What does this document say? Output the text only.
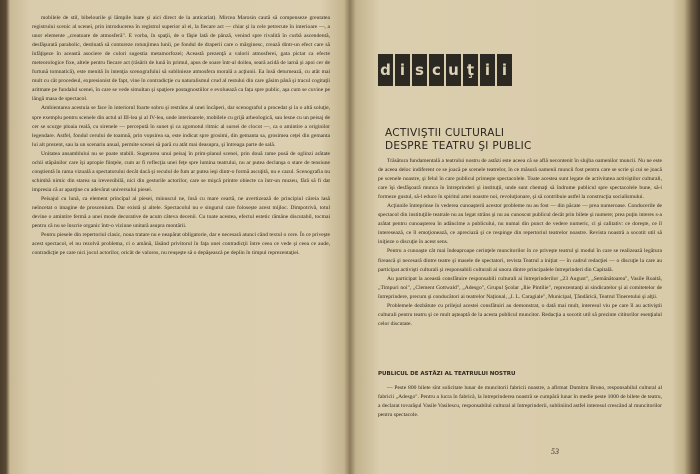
mobilele de stil, bibelourile şi lămpile luate şi aici direct de la anticariat). Mircea Marosin caută să compenseze greutatea registrului scenic al scenei, prin introducerea în registrul superior al ei, la fiecare act — chiar şi la cele petrecute în interioare —, a unor elemente „creatoare de atmosferă". E vorba, în spaţii, de o fâşie lată de pânză, venind spre rivalită în curbă ascendentă, desfăşurată parabolic, destinată să contureze rotunjimea lunii, pe fondul de draperii care o mărginesc, crează dintr-un efect care să înfăţişeze în această asociere de culori sugestia metamorfozei; Această prezenţă a valorii atmosferei, gata pictat ca efecte meteorologice fixe, altele pentru fiecare act (răsărit de lună în primul, apus de soare într-al doilea, seară acidă de iarnă şi apoi cer de furtună tomnatică), este menită în intenţia scenografului să sublinieze atmosfera morală a acţiunii. Ea însă deturnează, cu atât mai mult cu cât procedeul, expresionist de fapt, vine în contradicţie cu naturalismul crud al restului din care găsim până şi tracul cogitaţii aritmate pe fundalul scenei, în care se vede simultan şi spaţiere postagnostiilor e evoluează ca fața spre public, aşa cum se cuvine pe lângă masa de spectacol.

Ambientarea acestuia se face în interiorul foarte sobru şi restrâns al unei încăperi, dar scenograful a procedat şi la o altă soluţie, spre exemplu pentru scenele din actul al III-lea şi al IV-lea, unde interioarele, mobilele cu grijă arheologică, sau lesne cu un peisaj de cer se scurge ploaia reală, cu sirenele — percepută în sunet şi ca zgomotul ritmic al sursei de clocot —, ca o amintire a originilor legendare. Astfel, fondul cerului de toamnă, prin vopsirea sa, este indicat spre grosimi, din gemanta sa, grosimea ceţei din gemanta lui alt prezent, sau la un scenariu anual, permite scenei să pară cu atât mai deasupra, şi întreaga parte de sală.

Unitatea ansamblului nu se poate stabili. Sugerarea unui peisaj în prim-planul scenei, prin două rame pusă de oglinzi arătate ochii stăpânilor care îşi apropie fiinţele, cum ar fi reflecţia unei feţe spre lumina teatrului, nu ar putea declanşa o stare de tensiune conştientă în rama vizuală a spectatorului decât dacă şi reculul de fum ar putea ieşi dintr-o formă ascuţită, nu e cazul. Scenografia nu schimbă nimic din starea sa ireversibilă, nici din gesturile actorilor, care se mişcă printre obiecte ca într-un muzeu, fără să fi dat impresia că ar aparţine cu adevărat universului piesei.

Peisajul cu lună, ca element principal al piesei, minuscul ne, însă cu mare ceartă, ne avertizează de principiul căreia lasă neîncetat o imagine de proscenium. Dar există și altele. Spectacolul nu e singurul care folosește acest mijloc. Dimpotrivă, totul devine o amintire fermă a unei mode decorative de acum câteva decenii. Cu toate acestea, efectul estetic rămâne discutabil, tocmai pentru că nu se înscrie organic într-o viziune unitară asupra montării.

Pentru piesele din repertoriul clasic, noua tratare nu e neapărat obligatorie, dar e necesară atunci când textul o cere. În ce priveşte acest spectacol, el nu rezolvă problema, ci o amână, lăsând privitorul în faţa unei contradicţii între ceea ce vede şi ceea ce aude, contradicţie pe care nici jocul actorilor, oricât de valoros, nu reuşeşte să o depăşească pe deplin în timpul reprezentaţiei.

d i s c u ţ i i
ACTIVIŞTII CULTURALI
DESPRE TEATRU ŞI PUBLIC

Trăsătura fundamentală a teatrului nostru de astăzi este aceea că se află necontenit în slujba oamenilor muncii. Nu ne este de aceea deloc indiferent ce se joacă pe scenele teatrelor, în ce măsură oamenii muncii fost pentru care se scrie şi cui se joacă pe scenele noastre, şi felul în care publicul primeşte spectacolele. Toate acestea sunt legate de activitatea activiştilor culturali, care îşi desfăşoară munca în întreprinderi şi instituţii, unde sunt chemaţi să îndrume publicul spre spectacolele bune, să-i formeze gustul, să-l educe în spiritul artei noastre noi, revoluţionare, şi să contribuie astfel la construcţia socialismului.

Acţiunile întreprinse în vederea cunoaşterii acestor probleme nu au fost — din păcate — prea numeroase. Conducerile de spectacol din instituţiile teatrale nu au legat strâns şi nu au cunoscut publicul decât prin bilete şi numere; prea puţin interes s-a arătat pentru cunoaşterea în adâncime a publicului, nu numai din punct de vedere numeric, ci şi calitativ: ce doreşte, ce îl interesează, ce îl emoţionează, ce apreciază şi ce respinge din repertoriul teatrelor noastre. Revista noastră a socotit util să iniţieze o discuţie în acest sens.

Pentru a cunoaşte cât mai îndeaproape cerinţele muncitorilor în ce priveşte teatrul şi modul în care se realizează legătura firească şi necesară dintre teatre şi masele de spectatori, revista Teatrul a iniţiat — în cadrul redacţiei — o discuţie la care au participat activişti culturali şi responsabili culturali ai unora dintre principalele întreprinderi din Capitală.

Au participat la această consfătuire responsabili culturali ai întreprinderilor „23 August", „Semănătoarea", Vasile Roaită, „Timpuri noi", „Clement Gottwald", „Adesgo", Grupul Şcolar „Ilie Pintilie", reprezentanţi ai sindicatelor şi ai comitetelor de întreprindere, precum şi conducători ai teatrelor Naţional, „I. L. Caragiale", Municipal, Ţăndărică, Teatrul Tineretului şi alţii.

Problemele dezbătute cu prilejul acestei consfătuiri au demonstrat, o dată mai mult, interesul viu pe care îl au activiştii culturali pentru teatru şi ce mult aşteaptă de la acesta publicul muncitor. Redacţia a socotit util să prezinte cititorilor esenţialul celor discutate.

PUBLICUL DE ASTĂZI AL TEATRULUI NOSTRU

— Peste 800 bilete sînt solicitate lunar de muncitorii fabricii noastre, a afirmat Dumitru Bruno, responsabilul cultural al fabricii „Adesgo". Pentru a lucra în fabrică, la întreprinderea noastră se cumpără lunar în medie peste 1000 de bilete de teatru, a declarat tovarăşul Vasile Vasilescu, responsabilul cultural al întreprinderii, subliniind astfel interesul crescând al muncitorilor pentru spectacole.

53
